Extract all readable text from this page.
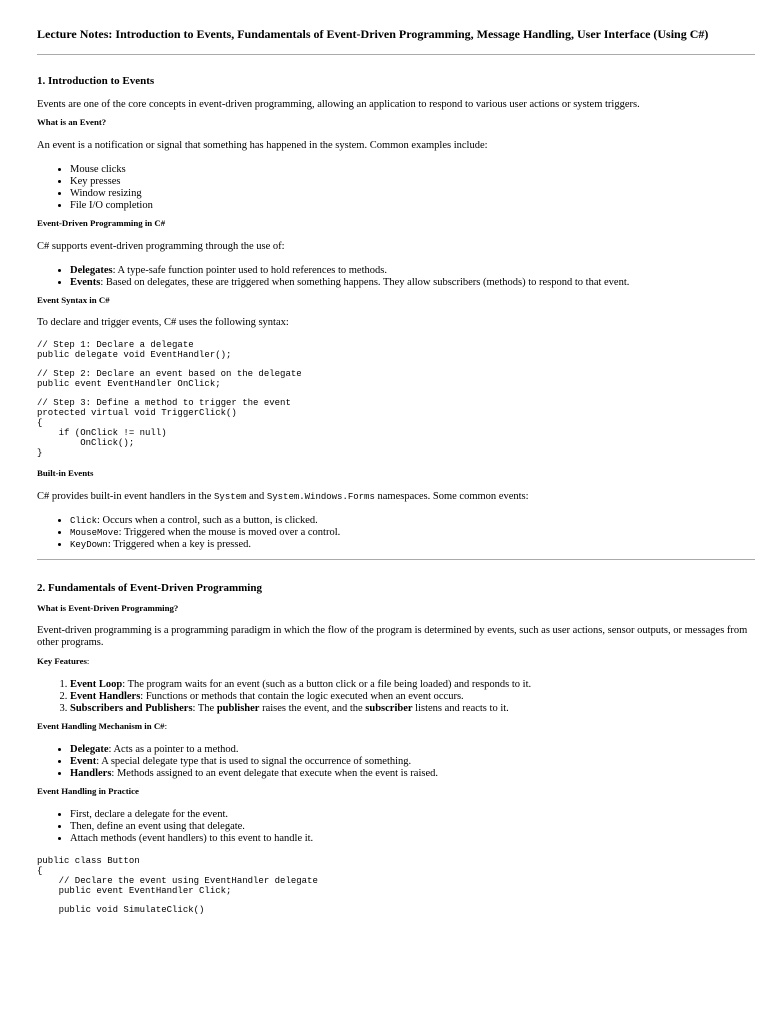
Lecture Notes: Introduction to Events, Fundamentals of Event-Driven Programming, Message Handling, User Interface (Using C#)
1. Introduction to Events

Events are one of the core concepts in event-driven programming, allowing an application to respond to various user actions or system triggers.

What is an Event?

An event is a notification or signal that something has happened in the system. Common examples include:

• Mouse clicks
• Key presses
• Window resizing
• File I/O completion
Event-Driven Programming in C#

C# supports event-driven programming through the use of:

• Delegates: A type-safe function pointer used to hold references to methods.
• Events: Based on delegates, these are triggered when something happens. They allow subscribers (methods) to respond to that event.
Event Syntax in C#

To declare and trigger events, C# uses the following syntax:

// Step 1: Declare a delegate
public delegate void EventHandler();
// Step 2: Declare an event based on the delegate
public event EventHandler OnClick;
// Step 3: Define a method to trigger the event
protected virtual void TriggerClick()
{
if (OnClick != null)
OnClick();
}
Built-in Events

C# provides built-in event handlers in the System and System.Windows.Forms namespaces. Some common events:

• Click: Occurs when a control, such as a button, is clicked.
• MouseMove: Triggered when the mouse is moved over a control.
• KeyDown: Triggered when a key is pressed.
2. Fundamentals of Event-Driven Programming
What is Event-Driven Programming?

Event-driven programming is a programming paradigm in which the flow of the program is determined by events, such as user actions, sensor outputs, or messages from other programs.

Key Features:
1. Event Loop: The program waits for an event (such as a button click or a file being loaded) and responds to it.
2. Event Handlers: Functions or methods that contain the logic executed when an event occurs.
3. Subscribers and Publishers: The publisher raises the event, and the subscriber listens and reacts to it.
Event Handling Mechanism in C#:
• Delegate: Acts as a pointer to a method.
• Event: A special delegate type that is used to signal the occurrence of something.
• Handlers: Methods assigned to an event delegate that execute when the event is raised.
Event Handling in Practice
• First, declare a delegate for the event.
• Then, define an event using that delegate.
• Attach methods (event handlers) to this event to handle it.
public class Button
{
// Declare the event using EventHandler delegate
public event EventHandler Click;
public void SimulateClick()
